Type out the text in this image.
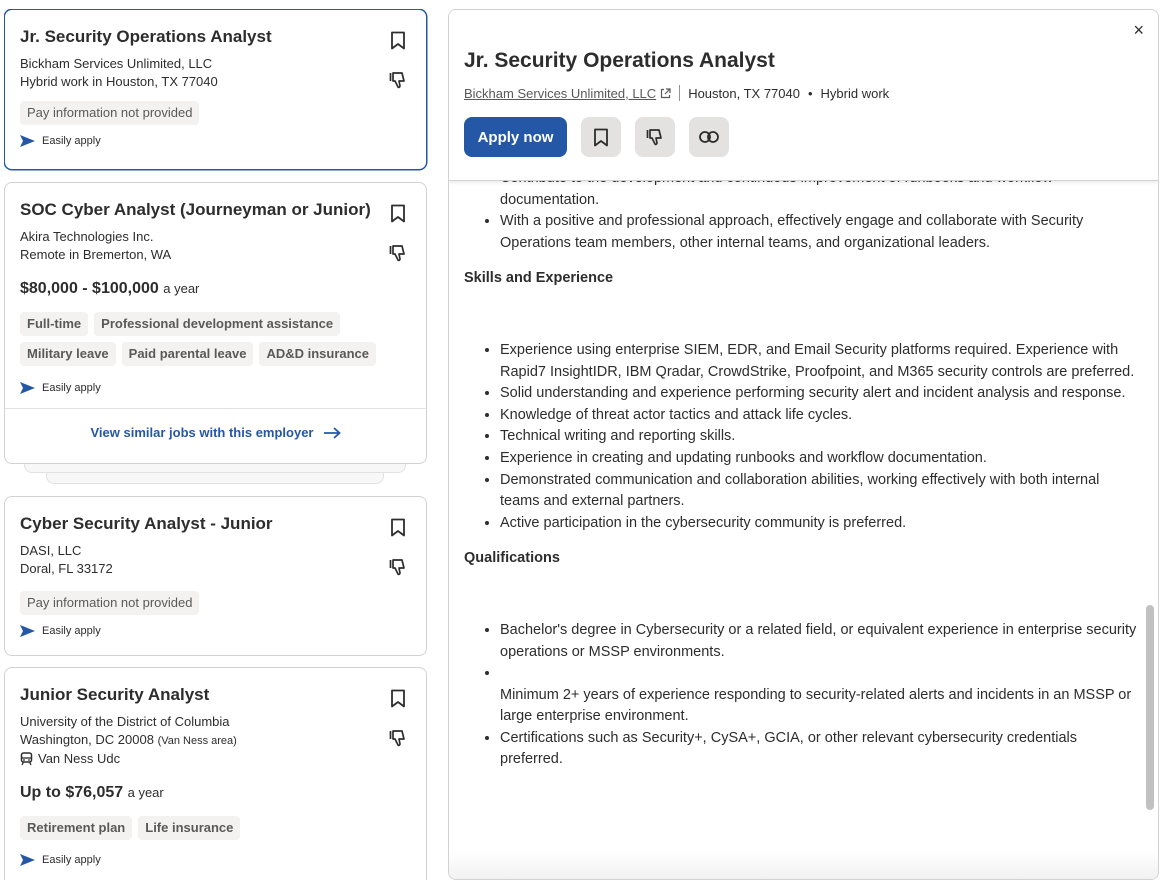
Jr. Security Operations Analyst
Bickham Services Unlimited, LLC
Hybrid work in Houston, TX 77040
Pay information not provided
Easily apply
SOC Cyber Analyst (Journeyman or Junior)
Akira Technologies Inc.
Remote in Bremerton, WA
$80,000 - $100,000 a year
Full-time	Professional development assistance
Military leave	Paid parental leave	AD&D insurance
Easily apply
View similar jobs with this employer
Cyber Security Analyst - Junior
DASI, LLC
Doral, FL 33172
Pay information not provided
Easily apply
Junior Security Analyst
University of the District of Columbia
Washington, DC 20008 (Van Ness area)
Van Ness Udc
Up to $76,057 a year
Retirement plan	Life insurance
Easily apply
•
documentation.
• With a positive and professional approach, effectively engage and collaborate with Security Operations team members, other internal teams, and organizational leaders.
Skills and Experience
• Experience using enterprise SIEM, EDR, and Email Security platforms required. Experience with Rapid7 InsightIDR, IBM Qradar, CrowdStrike, Proofpoint, and M365 security controls are preferred.
• Solid understanding and experience performing security alert and incident analysis and response.
• Knowledge of threat actor tactics and attack life cycles.
• Technical writing and reporting skills.
• Experience in creating and updating runbooks and workflow documentation.
• Demonstrated communication and collaboration abilities, working effectively with both internal teams and external partners.
• Active participation in the cybersecurity community is preferred.
Qualifications
• Bachelor's degree in Cybersecurity or a related field, or equivalent experience in enterprise security operations or MSSP environments.
•
Minimum 2+ years of experience responding to security-related alerts and incidents in an MSSP or large enterprise environment.
• Certifications such as Security+, CySA+, GCIA, or other relevant cybersecurity credentials preferred.
×
Jr. Security Operations Analyst
Bickham Services Unlimited, LLC Houston, TX 77040 • Hybrid work
Apply now
